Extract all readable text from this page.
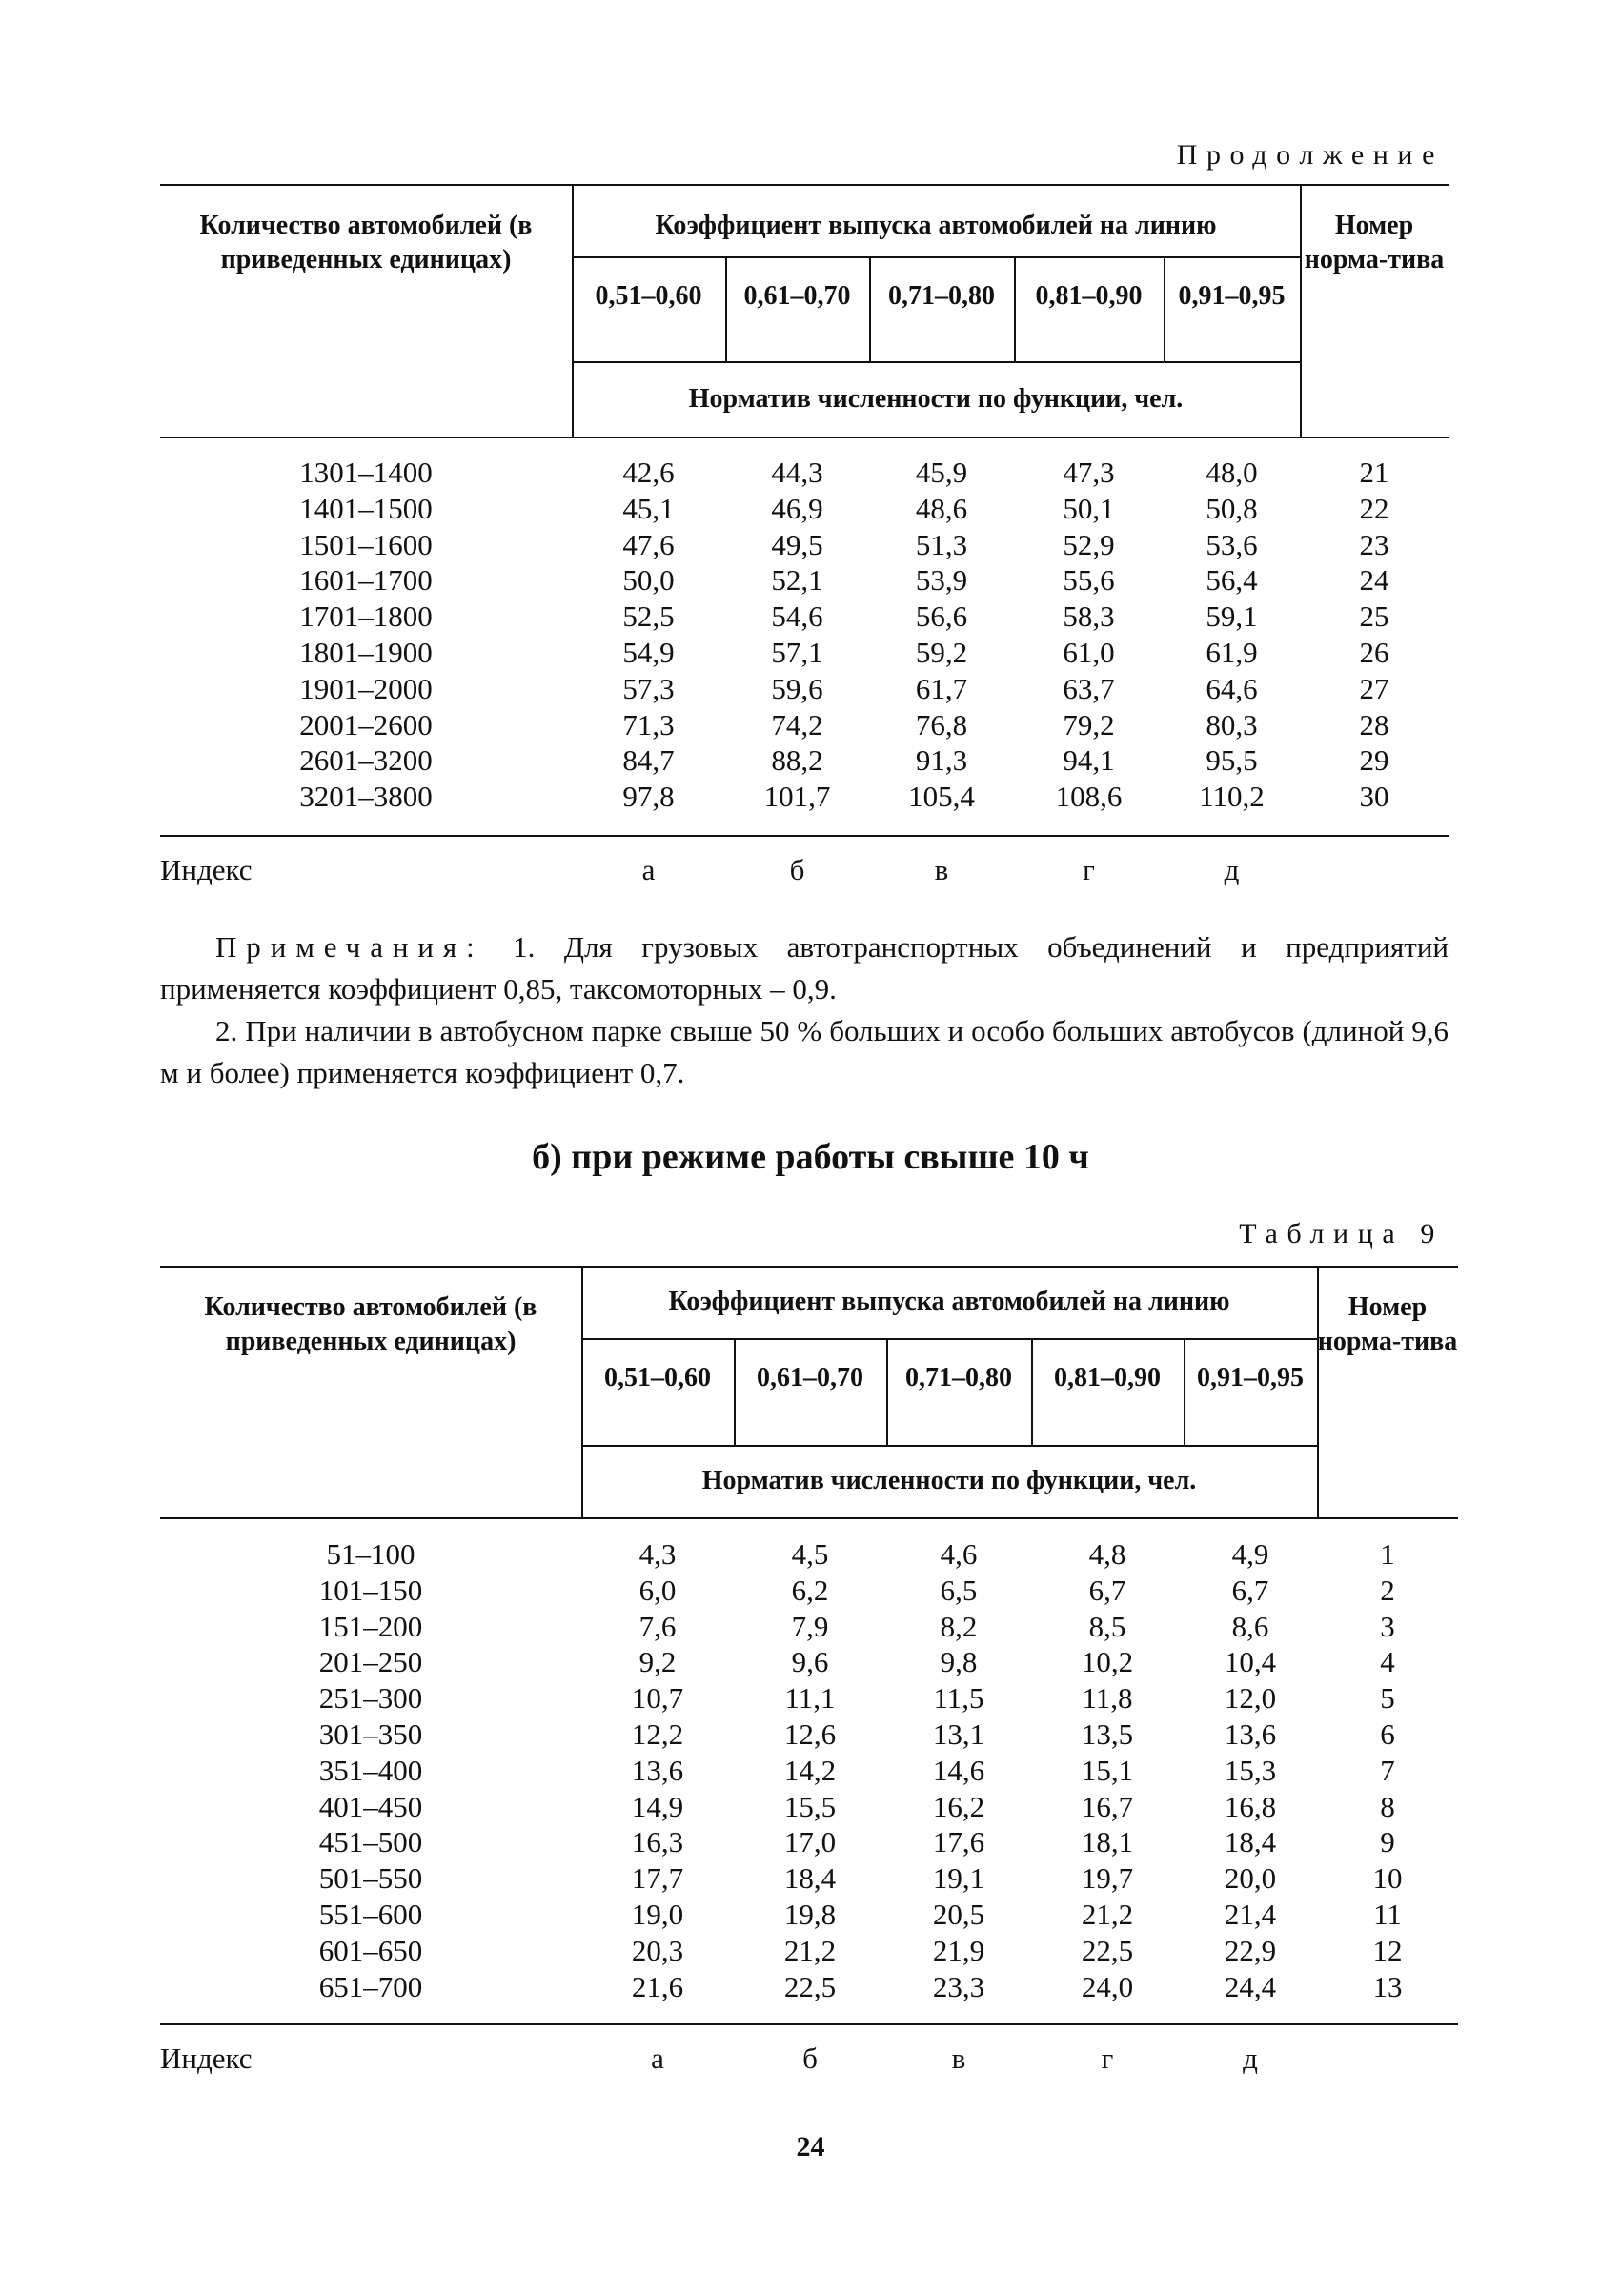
Продолжение
Количество автомобилей (в приведенных единицах)
Коэффициент выпуска автомобилей на линию	Номер норма-тива
0,51–0,60	0,61–0,70	0,71–0,80	0,81–0,90	0,91–0,95
Норматив численности по функции, чел.
1301–1400	42,6	44,3	45,9	47,3	48,0	21
1401–1500	45,1	46,9	48,6	50,1	50,8	22
1501–1600	47,6	49,5	51,3	52,9	53,6	23
1601–1700	50,0	52,1	53,9	55,6	56,4	24
1701–1800	52,5	54,6	56,6	58,3	59,1	25
1801–1900	54,9	57,1	59,2	61,0	61,9	26
1901–2000	57,3	59,6	61,7	63,7	64,6	27
2001–2600	71,3	74,2	76,8	79,2	80,3	28
2601–3200	84,7	88,2	91,3	94,1	95,5	29
3201–3800	97,8	101,7	105,4	108,6	110,2	30
Индекс	а	б	в	г	д

Примечания: 1. Для грузовых автотранспортных объединений и предприятий применяется коэффициент 0,85, таксомоторных – 0,9.

2. При наличии в автобусном парке свыше 50 % больших и особо больших автобусов (длиной 9,6 м и более) применяется коэффициент 0,7.

б) при режиме работы свыше 10 ч
Таблица 9
Количество автомобилей (в приведенных единицах)
Коэффициент выпуска автомобилей на линию	Номер норма-тива
0,51–0,60	0,61–0,70	0,71–0,80	0,81–0,90	0,91–0,95
Норматив численности по функции, чел.
51–100	4,3	4,5	4,6	4,8	4,9	1
101–150	6,0	6,2	6,5	6,7	6,7	2
151–200	7,6	7,9	8,2	8,5	8,6	3
201–250	9,2	9,6	9,8	10,2	10,4	4
251–300	10,7	11,1	11,5	11,8	12,0	5
301–350	12,2	12,6	13,1	13,5	13,6	6
351–400	13,6	14,2	14,6	15,1	15,3	7
401–450	14,9	15,5	16,2	16,7	16,8	8
451–500	16,3	17,0	17,6	18,1	18,4	9
501–550	17,7	18,4	19,1	19,7	20,0	10
551–600	19,0	19,8	20,5	21,2	21,4	11
601–650	20,3	21,2	21,9	22,5	22,9	12
651–700	21,6	22,5	23,3	24,0	24,4	13
Индекс	а	б	в	г	д
24
